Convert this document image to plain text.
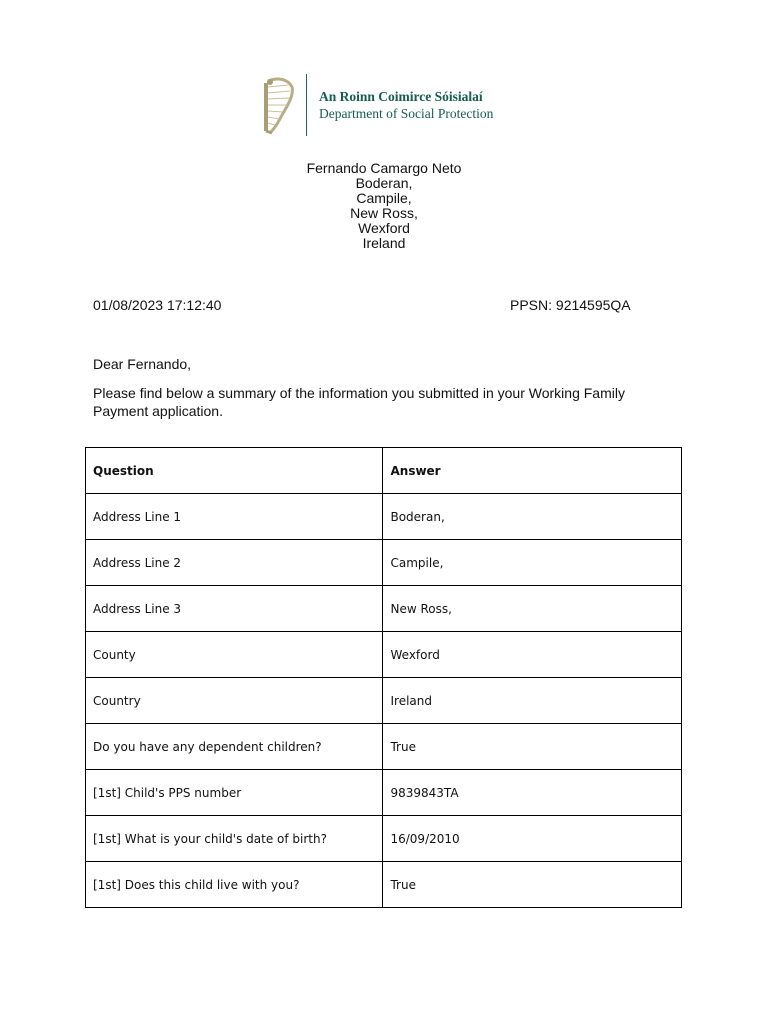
An Roinn Coimirce Sóisialaí
Department of Social Protection
Fernando Camargo Neto
Boderan,
Campile,
New Ross,
Wexford
Ireland
01/08/2023 17:12:40	PPSN: 9214595QA
Dear Fernando,
Please find below a summary of the information you submitted in your Working Family Payment application.
Question	Answer
Address Line 1	Boderan,
Address Line 2	Campile,
Address Line 3	New Ross,
County	Wexford
Country	Ireland
Do you have any dependent children?	True
[1st] Child's PPS number	9839843TA
[1st] What is your child's date of birth?	16/09/2010
[1st] Does this child live with you?	True
